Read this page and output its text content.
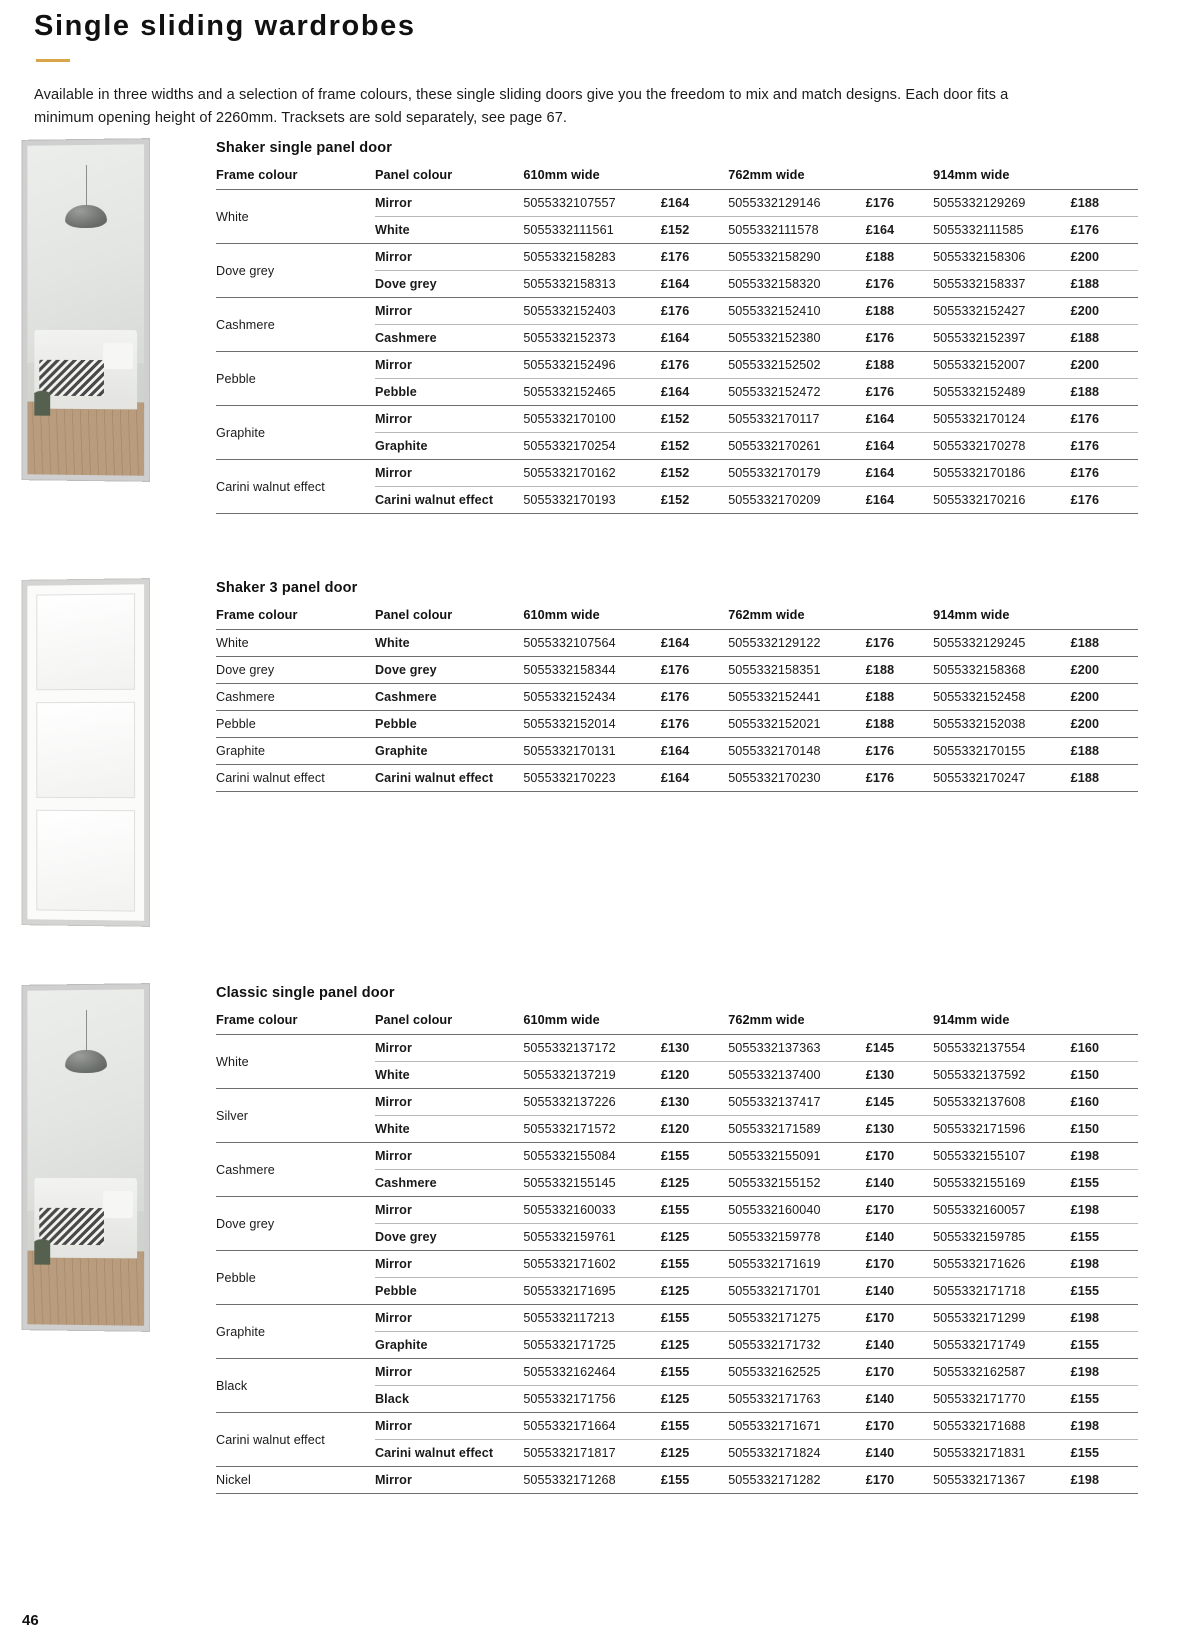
Single sliding wardrobes

Available in three widths and a selection of frame colours, these single sliding doors give you the freedom to mix and match designs. Each door fits a minimum opening height of 2260mm. Tracksets are sold separately, see page 67.

Shaker single panel door
Frame colour	Panel colour	610mm wide		762mm wide		914mm wide	
White	Mirror	5055332107557	£164	5055332129146	£176	5055332129269	£188
	White	5055332111561	£152	5055332111578	£164	5055332111585	£176
Dove grey	Mirror	5055332158283	£176	5055332158290	£188	5055332158306	£200
	Dove grey	5055332158313	£164	5055332158320	£176	5055332158337	£188
Cashmere	Mirror	5055332152403	£176	5055332152410	£188	5055332152427	£200
	Cashmere	5055332152373	£164	5055332152380	£176	5055332152397	£188
Pebble	Mirror	5055332152496	£176	5055332152502	£188	5055332152007	£200
	Pebble	5055332152465	£164	5055332152472	£176	5055332152489	£188
Graphite	Mirror	5055332170100	£152	5055332170117	£164	5055332170124	£176
	Graphite	5055332170254	£152	5055332170261	£164	5055332170278	£176
Carini walnut effect	Mirror	5055332170162	£152	5055332170179	£164	5055332170186	£176
	Carini walnut effect	5055332170193	£152	5055332170209	£164	5055332170216	£176
Shaker 3 panel door
Frame colour	Panel colour	610mm wide		762mm wide		914mm wide	
White	White	5055332107564	£164	5055332129122	£176	5055332129245	£188
Dove grey	Dove grey	5055332158344	£176	5055332158351	£188	5055332158368	£200
Cashmere	Cashmere	5055332152434	£176	5055332152441	£188	5055332152458	£200
Pebble	Pebble	5055332152014	£176	5055332152021	£188	5055332152038	£200
Graphite	Graphite	5055332170131	£164	5055332170148	£176	5055332170155	£188
Carini walnut effect	Carini walnut effect	5055332170223	£164	5055332170230	£176	5055332170247	£188
Classic single panel door
Frame colour	Panel colour	610mm wide		762mm wide		914mm wide	
White	Mirror	5055332137172	£130	5055332137363	£145	5055332137554	£160
	White	5055332137219	£120	5055332137400	£130	5055332137592	£150
Silver	Mirror	5055332137226	£130	5055332137417	£145	5055332137608	£160
	White	5055332171572	£120	5055332171589	£130	5055332171596	£150
Cashmere	Mirror	5055332155084	£155	5055332155091	£170	5055332155107	£198
	Cashmere	5055332155145	£125	5055332155152	£140	5055332155169	£155
Dove grey	Mirror	5055332160033	£155	5055332160040	£170	5055332160057	£198
	Dove grey	5055332159761	£125	5055332159778	£140	5055332159785	£155
Pebble	Mirror	5055332171602	£155	5055332171619	£170	5055332171626	£198
	Pebble	5055332171695	£125	5055332171701	£140	5055332171718	£155
Graphite	Mirror	5055332117213	£155	5055332171275	£170	5055332171299	£198
	Graphite	5055332171725	£125	5055332171732	£140	5055332171749	£155
Black	Mirror	5055332162464	£155	5055332162525	£170	5055332162587	£198
	Black	5055332171756	£125	5055332171763	£140	5055332171770	£155
Carini walnut effect	Mirror	5055332171664	£155	5055332171671	£170	5055332171688	£198
	Carini walnut effect	5055332171817	£125	5055332171824	£140	5055332171831	£155
Nickel	Mirror	5055332171268	£155	5055332171282	£170	5055332171367	£198
46
